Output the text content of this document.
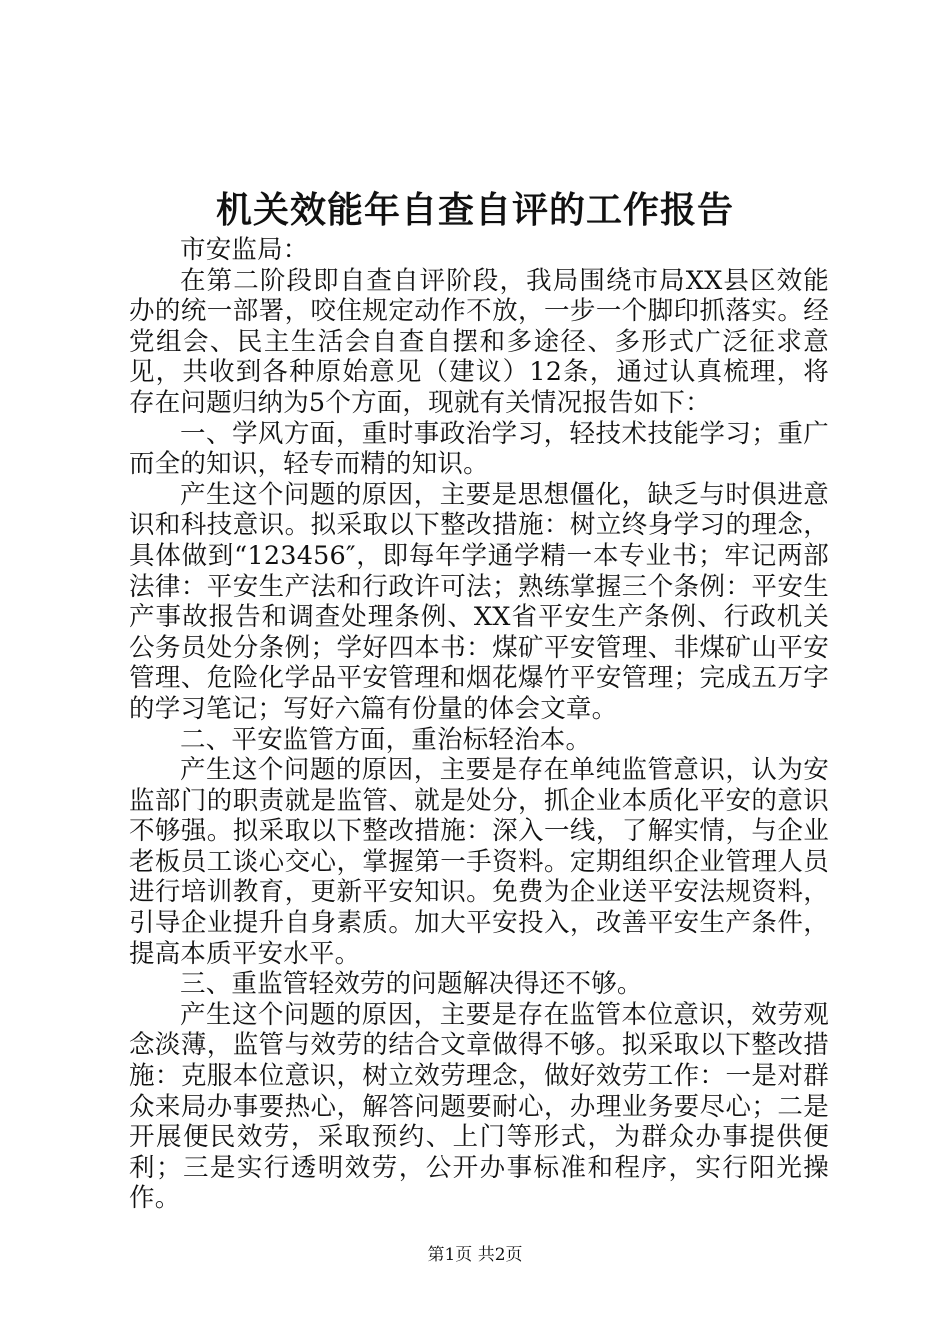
机关效能年自查自评的工作报告

市安监局：

在第二阶段即自查自评阶段，我局围绕市局XX县区效能办的统一部署，咬住规定动作不放，一步一个脚印抓落实。经党组会、民主生活会自查自摆和多途径、多形式广泛征求意见，共收到各种原始意见（建议）12条，通过认真梳理，将存在问题归纳为5个方面，现就有关情况报告如下：

一、学风方面，重时事政治学习，轻技术技能学习；重广而全的知识，轻专而精的知识。

产生这个问题的原因，主要是思想僵化，缺乏与时俱进意识和科技意识。拟采取以下整改措施：树立终身学习的理念，具体做到“123456″，即每年学通学精一本专业书；牢记两部法律：平安生产法和行政许可法；熟练掌握三个条例：平安生产事故报告和调查处理条例、XX省平安生产条例、行政机关公务员处分条例；学好四本书：煤矿平安管理、非煤矿山平安管理、危险化学品平安管理和烟花爆竹平安管理；完成五万字的学习笔记；写好六篇有份量的体会文章。

二、平安监管方面，重治标轻治本。

产生这个问题的原因，主要是存在单纯监管意识，认为安监部门的职责就是监管、就是处分，抓企业本质化平安的意识不够强。拟采取以下整改措施：深入一线，了解实情，与企业老板员工谈心交心，掌握第一手资料。定期组织企业管理人员进行培训教育，更新平安知识。免费为企业送平安法规资料，引导企业提升自身素质。加大平安投入，改善平安生产条件，提高本质平安水平。

三、重监管轻效劳的问题解决得还不够。

产生这个问题的原因，主要是存在监管本位意识，效劳观念淡薄，监管与效劳的结合文章做得不够。拟采取以下整改措施：克服本位意识，树立效劳理念，做好效劳工作：一是对群众来局办事要热心，解答问题要耐心，办理业务要尽心；二是开展便民效劳，采取预约、上门等形式，为群众办事提供便利；三是实行透明效劳，公开办事标准和程序，实行阳光操作。

第1页 共2页
